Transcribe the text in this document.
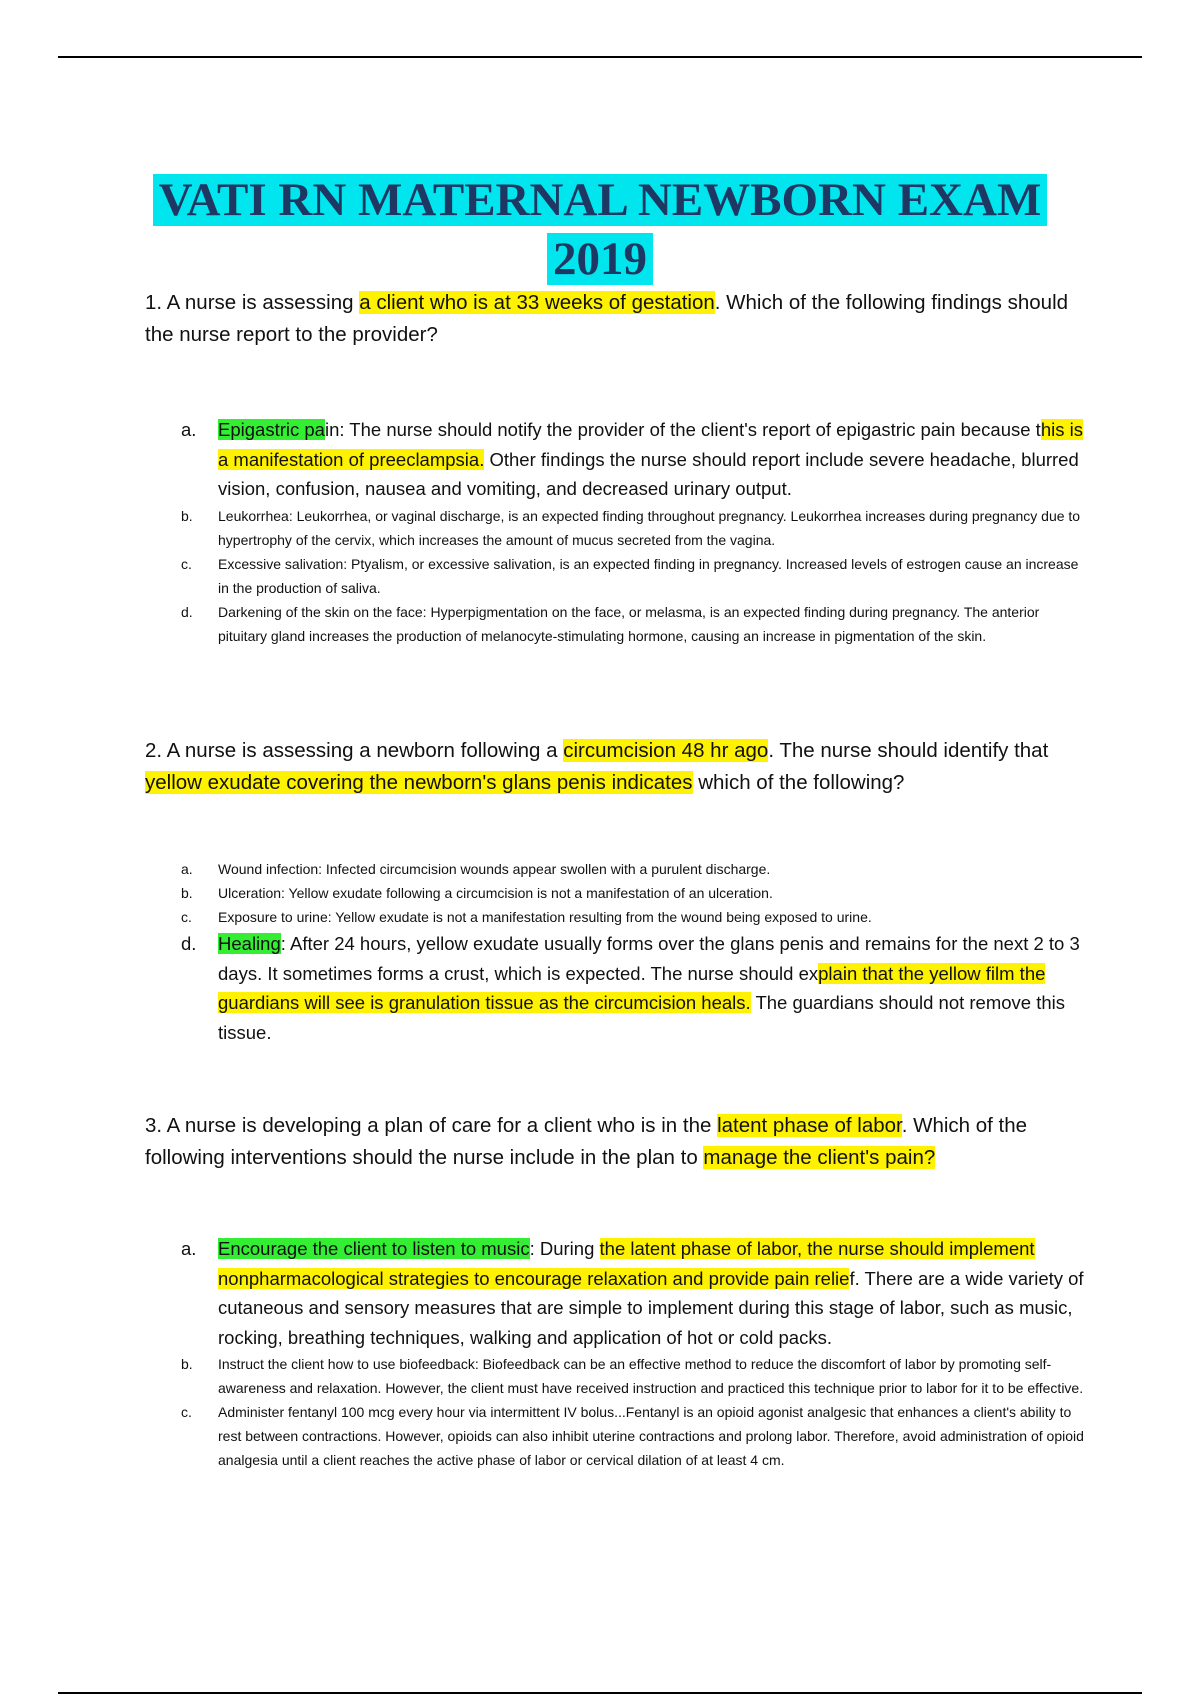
VATI RN MATERNAL NEWBORN EXAM
2019

1. A nurse is assessing a client who is at 33 weeks of gestation. Which of the following findings should the nurse report to the provider?

a. Epigastric pain: The nurse should notify the provider of the client's report of epigastric pain because this is a manifestation of preeclampsia. Other findings the nurse should report include severe headache, blurred vision, confusion, nausea and vomiting, and decreased urinary output.
b. Leukorrhea: Leukorrhea, or vaginal discharge, is an expected finding throughout pregnancy. Leukorrhea increases during pregnancy due to hypertrophy of the cervix, which increases the amount of mucus secreted from the vagina.
c. Excessive salivation: Ptyalism, or excessive salivation, is an expected finding in pregnancy. Increased levels of estrogen cause an increase in the production of saliva.
d. Darkening of the skin on the face: Hyperpigmentation on the face, or melasma, is an expected finding during pregnancy. The anterior pituitary gland increases the production of melanocyte-stimulating hormone, causing an increase in pigmentation of the skin.

2. A nurse is assessing a newborn following a circumcision 48 hr ago. The nurse should identify that yellow exudate covering the newborn's glans penis indicates which of the following?

a. Wound infection: Infected circumcision wounds appear swollen with a purulent discharge.
b. Ulceration: Yellow exudate following a circumcision is not a manifestation of an ulceration.
c. Exposure to urine: Yellow exudate is not a manifestation resulting from the wound being exposed to urine.
d. Healing: After 24 hours, yellow exudate usually forms over the glans penis and remains for the next 2 to 3 days. It sometimes forms a crust, which is expected. The nurse should explain that the yellow film the guardians will see is granulation tissue as the circumcision heals. The guardians should not remove this tissue.

3. A nurse is developing a plan of care for a client who is in the latent phase of labor. Which of the following interventions should the nurse include in the plan to manage the client's pain?

a. Encourage the client to listen to music: During the latent phase of labor, the nurse should implement nonpharmacological strategies to encourage relaxation and provide pain relief. There are a wide variety of cutaneous and sensory measures that are simple to implement during this stage of labor, such as music, rocking, breathing techniques, walking and application of hot or cold packs.
b. Instruct the client how to use biofeedback: Biofeedback can be an effective method to reduce the discomfort of labor by promoting self-awareness and relaxation. However, the client must have received instruction and practiced this technique prior to labor for it to be effective.
c. Administer fentanyl 100 mcg every hour via intermittent IV bolus...Fentanyl is an opioid agonist analgesic that enhances a client's ability to rest between contractions. However, opioids can also inhibit uterine contractions and prolong labor. Therefore, avoid administration of opioid analgesia until a client reaches the active phase of labor or cervical dilation of at least 4 cm.
